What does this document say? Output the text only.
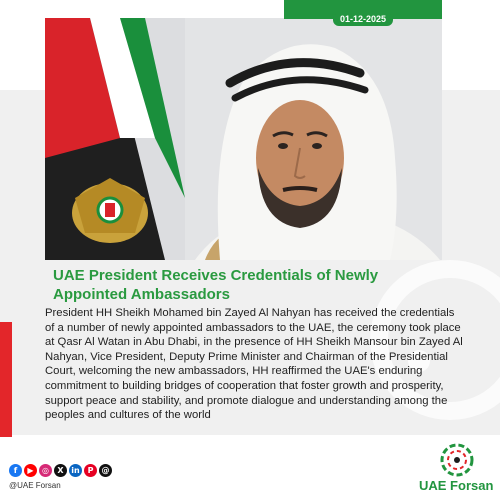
01-12-2025
UAE President Receives Credentials of Newly Appointed Ambassadors
President HH Sheikh Mohamed bin Zayed Al Nahyan has received the credentials of a number of newly appointed ambassadors to the UAE, the ceremony took place at Qasr Al Watan in Abu Dhabi, in the presence of HH Sheikh Mansour bin Zayed Al Nahyan, Vice President, Deputy Prime Minister and Chairman of the Presidential Court, welcoming the new ambassadors, HH reaffirmed the UAE's enduring commitment to building bridges of cooperation that foster growth and prosperity, support peace and stability, and promote dialogue and understanding among the peoples and cultures of the world
f	▶	◎	X in P	@
@UAE Forsan	UAE Forsan
